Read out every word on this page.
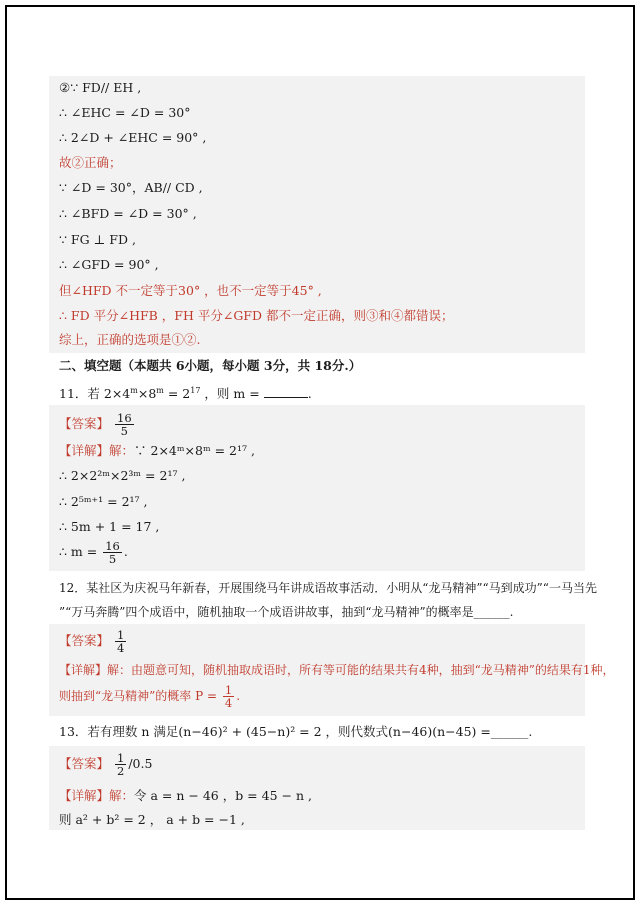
②∵ FD// EH ,
∴ ∠EHC = ∠D = 30°
∴ 2∠D + ∠EHC = 90° ,
故②正确；
∵ ∠D = 30°，AB// CD ,
∴ ∠BFD = ∠D = 30° ,
∵ FG ⊥ FD ,
∴ ∠GFD = 90° ,
但∠HFD 不一定等于30° ，也不一定等于45° ,
∴ FD 平分∠HFB ，FH 平分∠GFD 都不一定正确，则③和④都错误；
综上，正确的选项是①②.
二、填空题（本题共 6小题，每小题 3分，共 18分.）
11．若 $2\times 4^m\times 8^m = 2^{17}$ ，则 m =	.
【答案】 $\frac{16}{5}$
【详解】解：∵ 2×4ᵐ×8ᵐ = 2¹⁷ ,
∴ 2×2²ᵐ×2³ᵐ = 2¹⁷ ,
∴ 2⁵ᵐ⁺¹ = 2¹⁷ ,
∴ 5m + 1 = 17 ,
∴ $m = \frac{16}{5}$ .
12．某社区为庆祝马年新春，开展围绕马年讲成语故事活动．小明从“龙马精神”“马到成功”“一马当先
”“万马奔腾”四个成语中，随机抽取一个成语讲故事，抽到“龙马精神”的概率是______.
【答案】 $\frac{1}{4}$
【详解】解：由题意可知，随机抽取成语时，所有等可能的结果共有4种，抽到“龙马精神”的结果有1种，
则抽到“龙马精神”的概率 $P = \frac{1}{4}$ .
13．若有理数 n 满足(n−46)² + (45−n)² = 2 ，则代数式(n−46)(n−45) =______.
【答案】 $\frac{1}{2} /0.5$
【详解】解：令 a = n − 46 ，b = 45 − n ,
则 a² + b² = 2 ， a + b = −1 ,
